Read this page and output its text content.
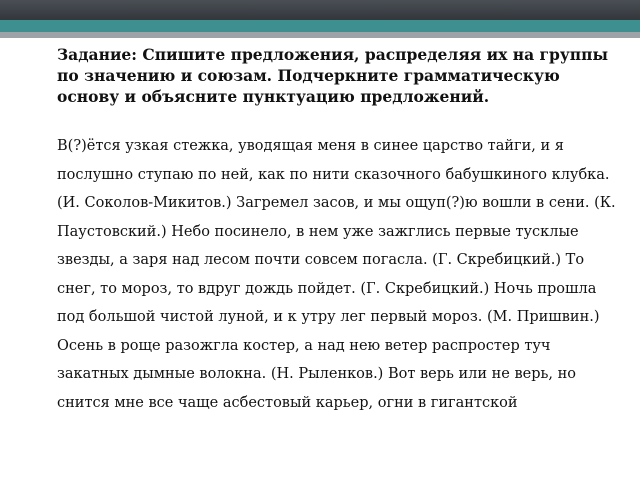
Задание: Спишите предложения, распределяя их на группы по значению и союзам. Подчеркните грамматическую основу и объясните пунктуацию предложений.

В(?)ётся узкая стежка, уводящая меня в синее царство тайги, и я послушно ступаю по ней, как по нити сказочного бабушкиного клубка. (И. Соколов-Микитов.) Загремел засов, и мы ощуп(?)ю вошли в сени. (К. Паустовский.) Небо посинело, в нем уже зажглись первые тусклые звезды, а заря над лесом почти совсем погасла. (Г. Скребицкий.) То снег, то мороз, то вдруг дождь пойдет. (Г. Скребицкий.) Ночь прошла под большой чистой луной, и к утру лег первый мороз. (М. Пришвин.) Осень в роще разожгла костер, а над нею ветер распростер туч закатных дымные волокна. (Н. Рыленков.) Вот верь или не верь, но снится мне все чаще асбестовый карьер, огни в гигантской
